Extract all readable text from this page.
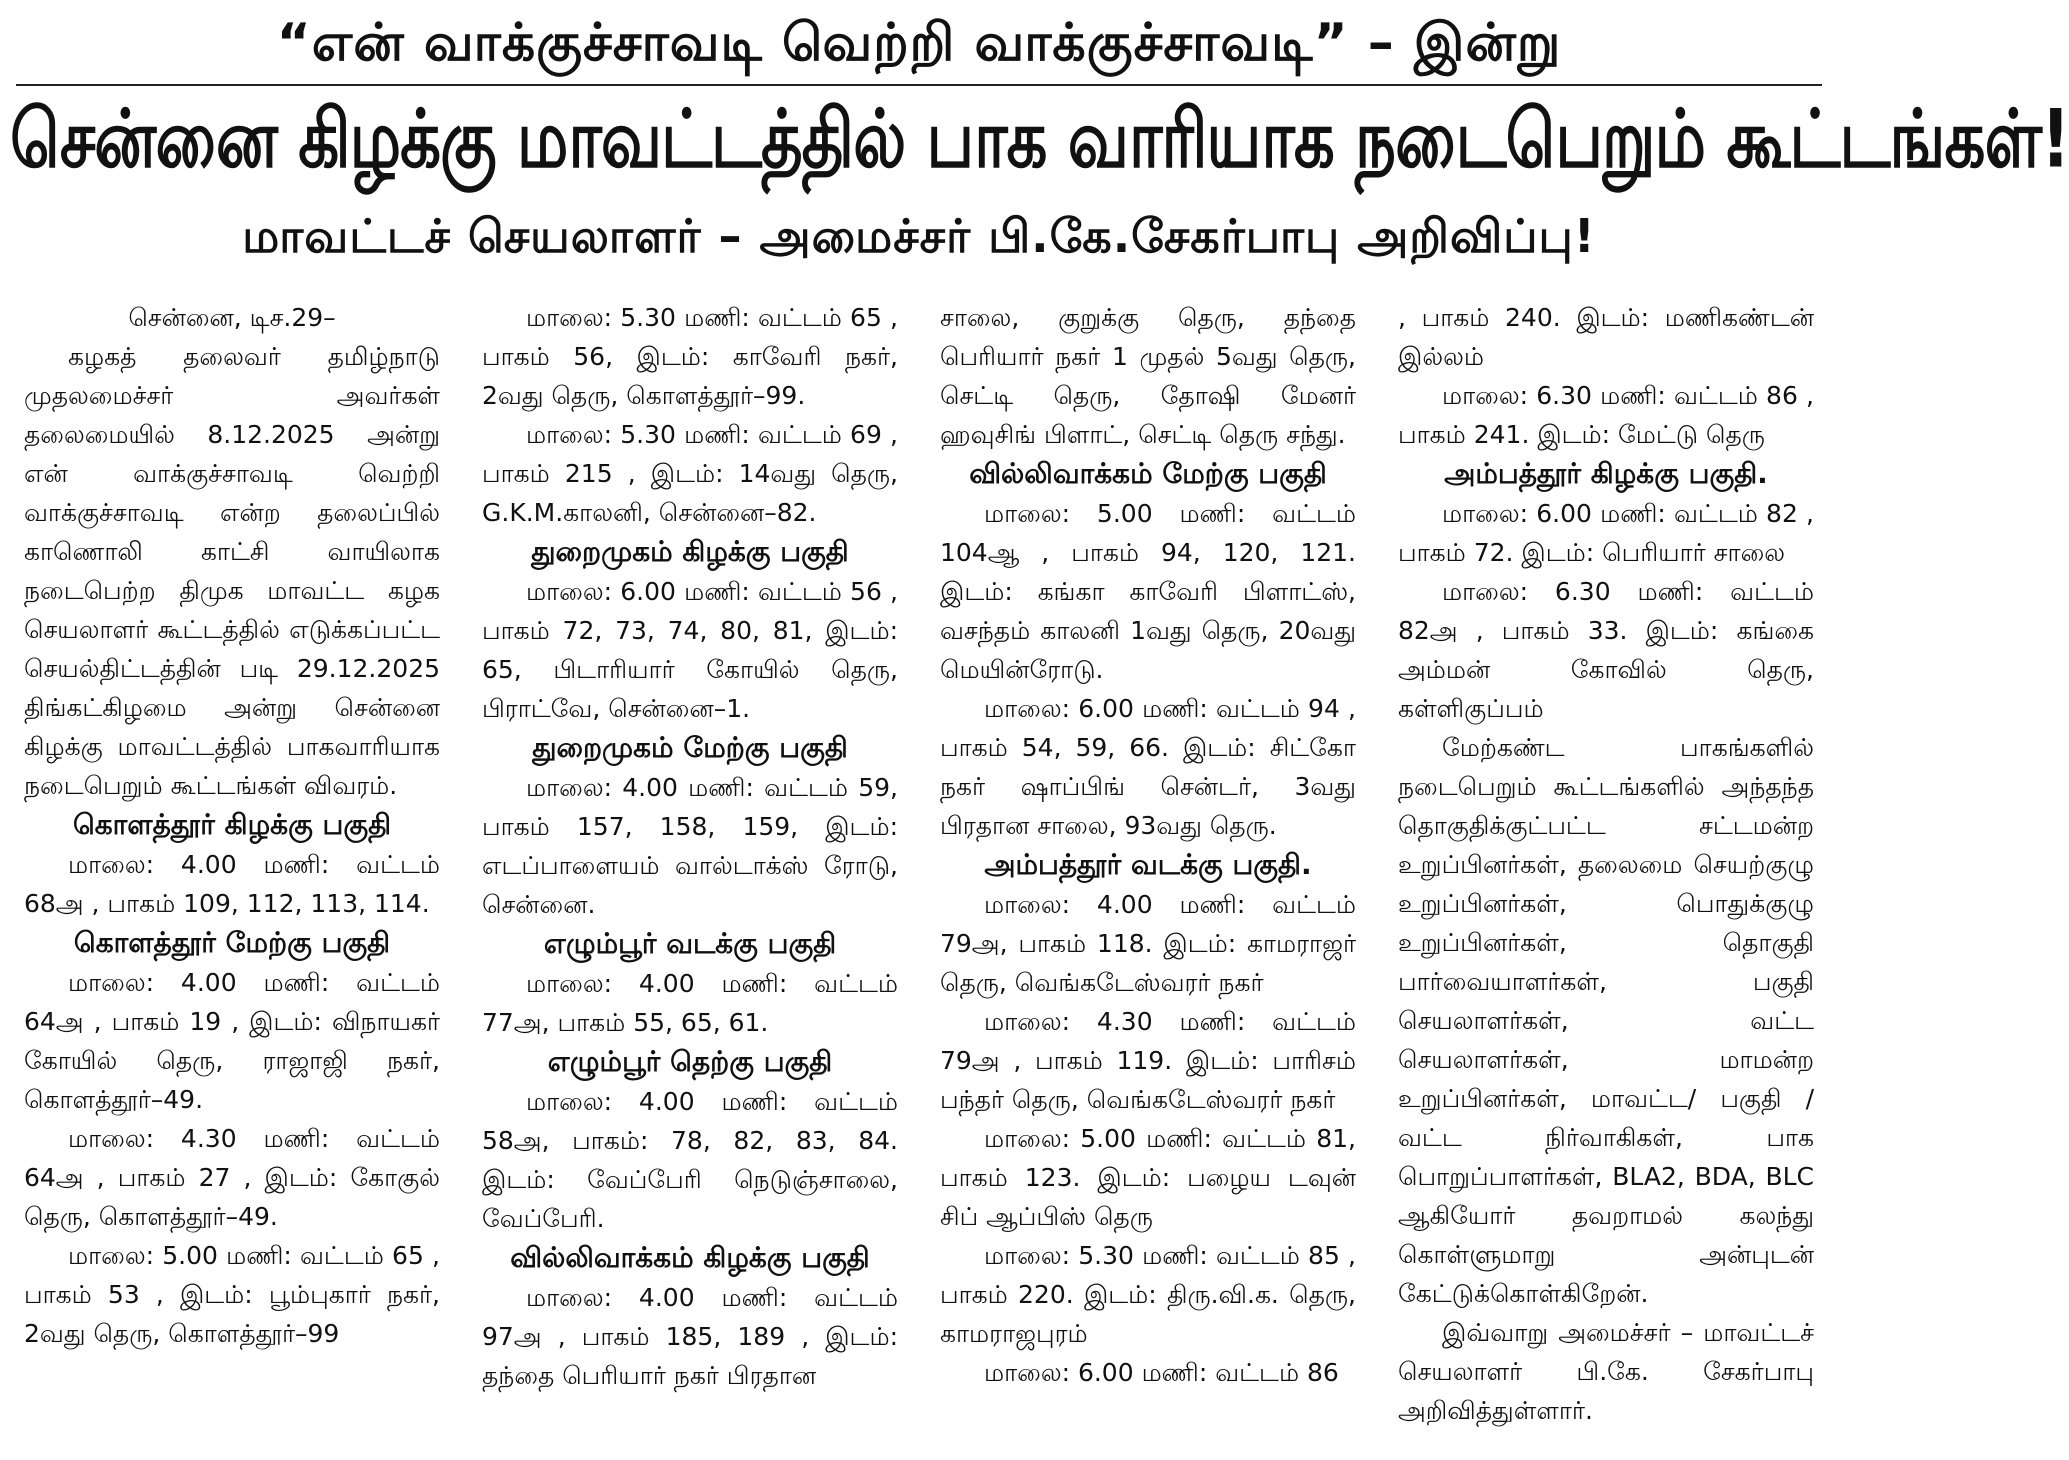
“என் வாக்குச்சாவடி வெற்றி வாக்குச்சாவடி” – இன்று
சென்னை கிழக்கு மாவட்டத்தில் பாக வாரியாக நடைபெறும் கூட்டங்கள்!
மாவட்டச் செயலாளர் – அமைச்சர் பி.கே.சேகர்பாபு அறிவிப்பு!

சென்னை, டிச.29–

கழகத் தலைவர் தமிழ்நாடு முதலமைச்சர் அவர்கள் தலைமையில் 8.12.2025 அன்று என் வாக்குச்சாவடி வெற்றி வாக்குச்சாவடி என்ற தலைப்பில் காணொலி காட்சி வாயிலாக நடைபெற்ற திமுக மாவட்ட கழக செயலாளர் கூட்டத்தில் எடுக்கப்பட்ட செயல்திட்டத்தின் படி 29.12.2025 திங்கட்கிழமை அன்று சென்னை கிழக்கு மாவட்டத்தில் பாகவாரியாக நடைபெறும் கூட்டங்கள் விவரம்.

கொளத்தூர் கிழக்கு பகுதி

மாலை: 4.00 மணி: வட்டம் 68அ , பாகம் 109, 112, 113, 114.

கொளத்தூர் மேற்கு பகுதி

மாலை: 4.00 மணி: வட்டம் 64அ , பாகம் 19 , இடம்: விநாயகர் கோயில் தெரு, ராஜாஜி நகர், கொளத்தூர்–49.

மாலை: 4.30 மணி: வட்டம் 64அ , பாகம் 27 , இடம்: கோகுல் தெரு, கொளத்தூர்–49.

மாலை: 5.00 மணி: வட்டம் 65 , பாகம் 53 , இடம்: பூம்புகார் நகர், 2வது தெரு, கொளத்தூர்–99

மாலை: 5.30 மணி: வட்டம் 65 , பாகம் 56, இடம்: காவேரி நகர், 2வது தெரு, கொளத்தூர்–99.

மாலை: 5.30 மணி: வட்டம் 69 , பாகம் 215 , இடம்: 14வது தெரு, G.K.M.காலனி, சென்னை–82.

துறைமுகம் கிழக்கு பகுதி

மாலை: 6.00 மணி: வட்டம் 56 , பாகம் 72, 73, 74, 80, 81, இடம்: 65, பிடாரியார் கோயில் தெரு, பிராட்வே, சென்னை–1.

துறைமுகம் மேற்கு பகுதி

மாலை: 4.00 மணி: வட்டம் 59, பாகம் 157, 158, 159, இடம்: எடப்பாளையம் வால்டாக்ஸ் ரோடு, சென்னை.

எழும்பூர் வடக்கு பகுதி

மாலை: 4.00 மணி: வட்டம் 77அ, பாகம் 55, 65, 61.

எழும்பூர் தெற்கு பகுதி

மாலை: 4.00 மணி: வட்டம் 58அ, பாகம்: 78, 82, 83, 84. இடம்: வேப்பேரி நெடுஞ்சாலை, வேப்பேரி.

வில்லிவாக்கம் கிழக்கு பகுதி

மாலை: 4.00 மணி: வட்டம் 97அ , பாகம் 185, 189 , இடம்: தந்தை பெரியார் நகர் பிரதான

சாலை, குறுக்கு தெரு, தந்தை பெரியார் நகர் 1 முதல் 5வது தெரு, செட்டி தெரு, தோஷி மேனர் ஹவுசிங் பிளாட், செட்டி தெரு சந்து.

வில்லிவாக்கம் மேற்கு பகுதி

மாலை: 5.00 மணி: வட்டம் 104ஆ , பாகம் 94, 120, 121. இடம்: கங்கா காவேரி பிளாட்ஸ், வசந்தம் காலனி 1வது தெரு, 20வது மெயின்ரோடு.

மாலை: 6.00 மணி: வட்டம் 94 , பாகம் 54, 59, 66. இடம்: சிட்கோ நகர் ஷாப்பிங் சென்டர், 3வது பிரதான சாலை, 93வது தெரு.

அம்பத்தூர் வடக்கு பகுதி.

மாலை: 4.00 மணி: வட்டம் 79அ, பாகம் 118. இடம்: காமராஜர் தெரு, வெங்கடேஸ்வரர் நகர்

மாலை: 4.30 மணி: வட்டம் 79அ , பாகம் 119. இடம்: பாரிசம் பந்தர் தெரு, வெங்கடேஸ்வரர் நகர்

மாலை: 5.00 மணி: வட்டம் 81, பாகம் 123. இடம்: பழைய டவுன் சிப் ஆப்பிஸ் தெரு

மாலை: 5.30 மணி: வட்டம் 85 , பாகம் 220. இடம்: திரு.வி.க. தெரு, காமராஜபுரம்

மாலை: 6.00 மணி: வட்டம் 86

, பாகம் 240. இடம்: மணிகண்டன் இல்லம்

மாலை: 6.30 மணி: வட்டம் 86 , பாகம் 241. இடம்: மேட்டு தெரு

அம்பத்தூர் கிழக்கு பகுதி.

மாலை: 6.00 மணி: வட்டம் 82 , பாகம் 72. இடம்: பெரியார் சாலை

மாலை: 6.30 மணி: வட்டம் 82அ , பாகம் 33. இடம்: கங்கை அம்மன் கோவில் தெரு, கள்ளிகுப்பம்

மேற்கண்ட பாகங்களில் நடைபெறும் கூட்டங்களில் அந்தந்த தொகுதிக்குட்பட்ட சட்டமன்ற உறுப்பினர்கள், தலைமை செயற்குழு உறுப்பினர்கள், பொதுக்குழு உறுப்பினர்கள், தொகுதி பார்வையாளர்கள், பகுதி செயலாளர்கள், வட்ட செயலாளர்கள், மாமன்ற உறுப்பினர்கள், மாவட்ட/ பகுதி / வட்ட நிர்வாகிகள், பாக பொறுப்பாளர்கள், BLA2, BDA, BLC ஆகியோர் தவறாமல் கலந்து கொள்ளுமாறு அன்புடன் கேட்டுக்கொள்கிறேன்.

இவ்வாறு அமைச்சர் – மாவட்டச் செயலாளர் பி.கே. சேகர்பாபு அறிவித்துள்ளார்.
